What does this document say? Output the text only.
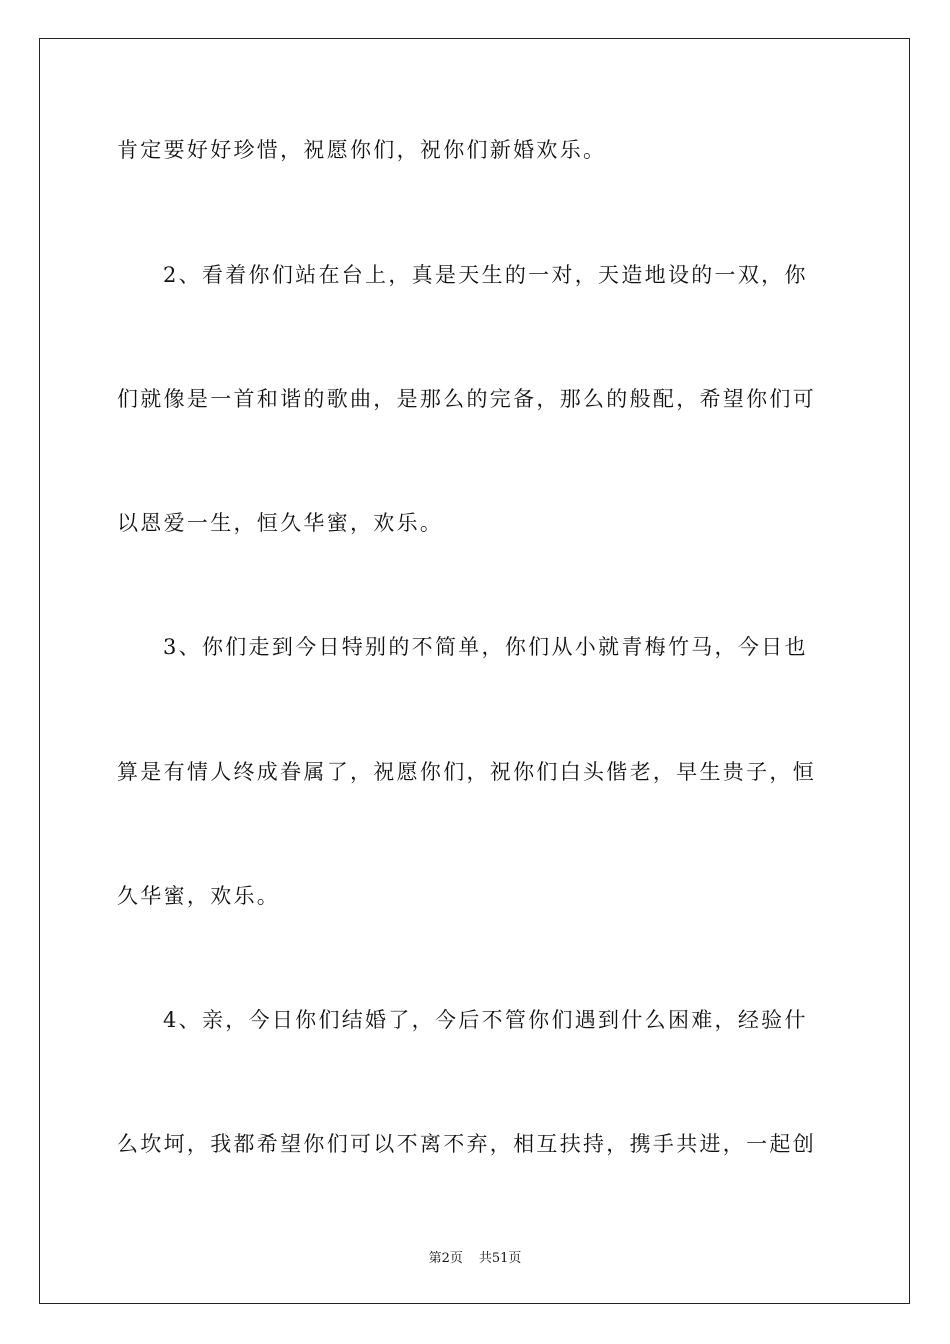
肯定要好好珍惜，祝愿你们，祝你们新婚欢乐。
2、看着你们站在台上，真是天生的一对，天造地设的一双，你
们就像是一首和谐的歌曲，是那么的完备，那么的般配，希望你们可
以恩爱一生，恒久华蜜，欢乐。
3、你们走到今日特别的不简单，你们从小就青梅竹马，今日也
算是有情人终成眷属了，祝愿你们，祝你们白头偕老，早生贵子，恒
久华蜜，欢乐。
4、亲，今日你们结婚了，今后不管你们遇到什么困难，经验什
么坎坷，我都希望你们可以不离不弃，相互扶持，携手共进，一起创
第2页 共51页
